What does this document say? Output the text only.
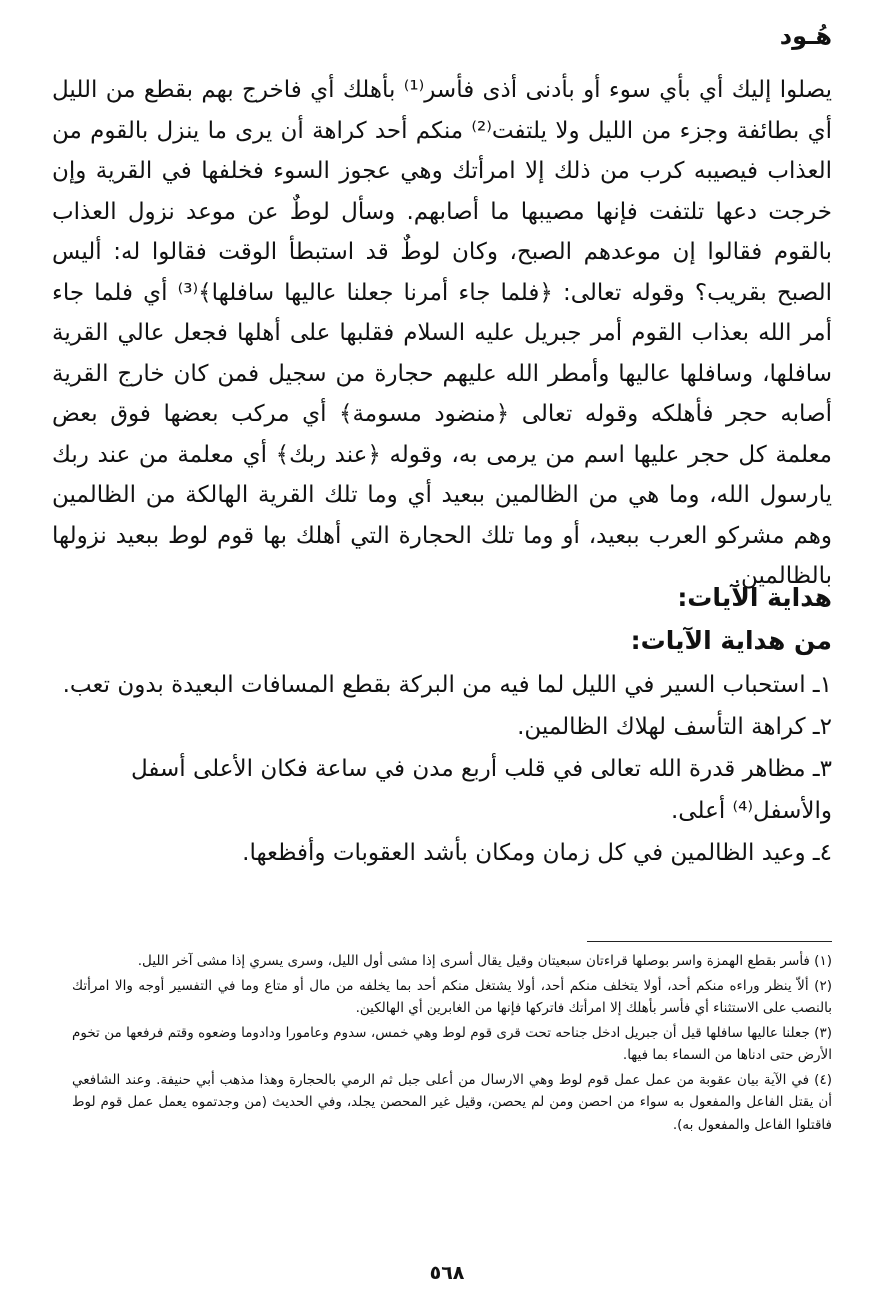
هُـود

يصلوا إليك أي بأي سوء أو بأدنى أذى فأسر⁽¹⁾ بأهلك أي فاخرج بهم بقطع من الليل أي بطائفة وجزء من الليل ولا يلتفت⁽²⁾ منكم أحد كراهة أن يرى ما ينزل بالقوم من العذاب فيصيبه كرب من ذلك إلا امرأتك وهي عجوز السوء فخلفها في القرية وإن خرجت دعها تلتفت فإنها مصيبها ما أصابهم. وسأل لوطٌ عن موعد نزول العذاب بالقوم فقالوا إن موعدهم الصبح، وكان لوطٌ قد استبطأ الوقت فقالوا له: أليس الصبح بقريب؟ وقوله تعالى: ﴿فلما جاء أمرنا جعلنا عاليها سافلها﴾⁽³⁾ أي فلما جاء أمر الله بعذاب القوم أمر جبريل عليه السلام فقلبها على أهلها فجعل عالي القرية سافلها، وسافلها عاليها وأمطر الله عليهم حجارة من سجيل فمن كان خارج القرية أصابه حجر فأهلكه وقوله تعالى ﴿منضود مسومة﴾ أي مركب بعضها فوق بعض معلمة كل حجر عليها اسم من يرمى به، وقوله ﴿عند ربك﴾ أي معلمة من عند ربك يارسول الله، وما هي من الظالمين ببعيد أي وما تلك القرية الهالكة من الظالمين وهم مشركو العرب ببعيد، أو وما تلك الحجارة التي أهلك بها قوم لوط ببعيد نزولها بالظالمين.

هداية الآيات:
من هداية الآيات:

١ـ استحباب السير في الليل لما فيه من البركة بقطع المسافات البعيدة بدون تعب.

٢ـ كراهة التأسف لهلاك الظالمين.

٣ـ مظاهر قدرة الله تعالى في قلب أربع مدن في ساعة فكان الأعلى أسفل والأسفل⁽⁴⁾ أعلى.

٤ـ وعيد الظالمين في كل زمان ومكان بأشد العقوبات وأفظعها.

(١) فأسر بقطع الهمزة واسر بوصلها قراءتان سبعيتان وقيل يقال أسرى إذا مشى أول الليل، وسرى يسري إذا مشى آخر الليل.

(٢) ألاّ ينظر وراءه منكم أحد، أولا يتخلف منكم أحد، أولا يشتغل منكم أحد بما يخلفه من مال أو متاع وما في التفسير أوجه والا امرأتك بالنصب على الاستثناء أي فأسر بأهلك إلا امرأتك فاتركها فإنها من الغابرين أي الهالكين.

(٣) جعلنا عاليها سافلها قيل أن جبريل ادخل جناحه تحت قرى قوم لوط وهي خمس، سدوم وعامورا ودادوما وضعوه وقتم فرفعها من تخوم الأرض حتى ادناها من السماء بما فيها.

(٤) في الآية بيان عقوبة من عمل عمل قوم لوط وهي الارسال من أعلى جبل ثم الرمي بالحجارة وهذا مذهب أبي حنيفة. وعند الشافعي أن يقتل الفاعل والمفعول به سواء من احصن ومن لم يحصن، وقيل غير المحصن يجلد، وفي الحديث (من وجدتموه يعمل عمل قوم لوط فاقتلوا الفاعل والمفعول به).

٥٦٨
